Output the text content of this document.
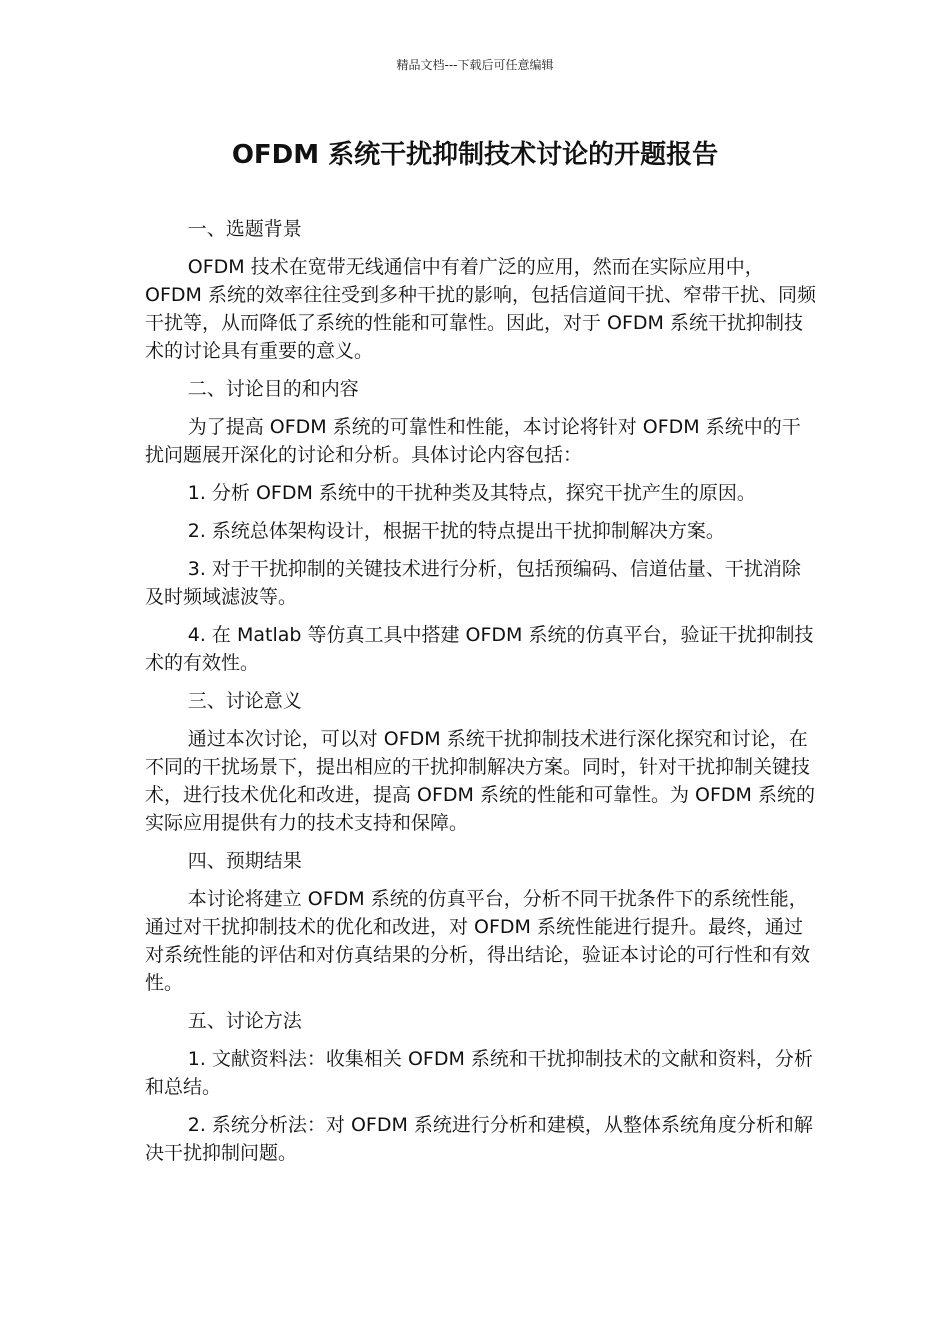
精品文档---下载后可任意编辑
OFDM 系统干扰抑制技术讨论的开题报告

一、选题背景

OFDM 技术在宽带无线通信中有着广泛的应用，然而在实际应用中，OFDM 系统的效率往往受到多种干扰的影响，包括信道间干扰、窄带干扰、同频干扰等，从而降低了系统的性能和可靠性。因此，对于 OFDM 系统干扰抑制技术的讨论具有重要的意义。

二、讨论目的和内容

为了提高 OFDM 系统的可靠性和性能，本讨论将针对 OFDM 系统中的干扰问题展开深化的讨论和分析。具体讨论内容包括：

1. 分析 OFDM 系统中的干扰种类及其特点，探究干扰产生的原因。

2. 系统总体架构设计，根据干扰的特点提出干扰抑制解决方案。

3. 对于干扰抑制的关键技术进行分析，包括预编码、信道估量、干扰消除及时频域滤波等。

4. 在 Matlab 等仿真工具中搭建 OFDM 系统的仿真平台，验证干扰抑制技术的有效性。

三、讨论意义

通过本次讨论，可以对 OFDM 系统干扰抑制技术进行深化探究和讨论，在不同的干扰场景下，提出相应的干扰抑制解决方案。同时，针对干扰抑制关键技术，进行技术优化和改进，提高 OFDM 系统的性能和可靠性。为 OFDM 系统的实际应用提供有力的技术支持和保障。

四、预期结果

本讨论将建立 OFDM 系统的仿真平台，分析不同干扰条件下的系统性能，通过对干扰抑制技术的优化和改进，对 OFDM 系统性能进行提升。最终，通过对系统性能的评估和对仿真结果的分析，得出结论，验证本讨论的可行性和有效性。

五、讨论方法

1. 文献资料法：收集相关 OFDM 系统和干扰抑制技术的文献和资料，分析和总结。

2. 系统分析法：对 OFDM 系统进行分析和建模，从整体系统角度分析和解决干扰抑制问题。
